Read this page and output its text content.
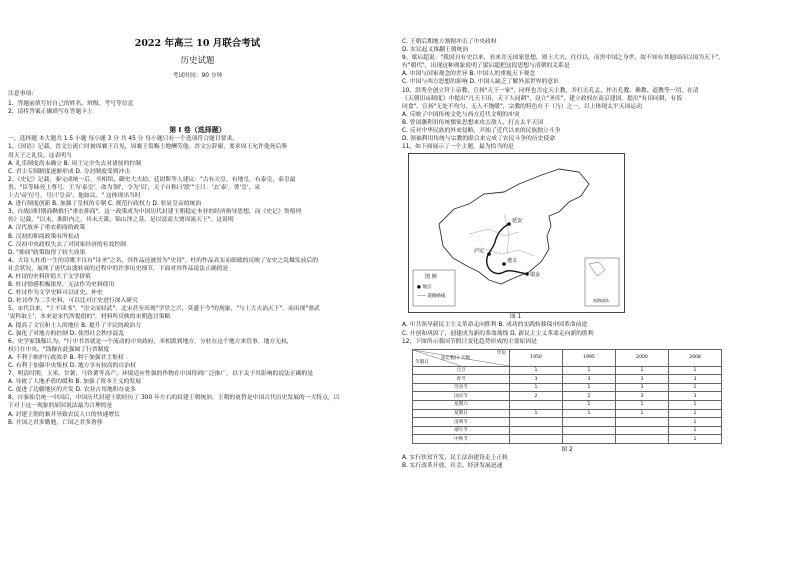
2022 年高三 10 月联合考试
历史试题
考试时间：90 分钟
注意事项：
1、答题前填写好自己的姓名、班级、考号等信息
2、请将答案正确填写在答题卡上
第 I 卷（选择题）
一、选择题 本大题共 1 5 小题 每小题 3 分 共 45 分 每小题只有一个选项符合题目要求。
1、《国语》记载，晋文公流亡时被周襄王召见，周襄王赏赐土地酬劳他。晋文公辞谢，要求周王允许他死后葬
用天子之礼仪。这表明当
A. 礼乐制度尚未确立 B. 周王完全失去对诸侯的控制
C. 君主专制制度逐渐形成 D. 分封制度受到冲击
2、《史记》记载，秦完成统一后，丞相绾、御史大夫劫、廷尉斯等人建议："古有天皇，有地皇，有泰皇，泰皇最
贵。"臣等昧死上尊号，王为'泰皇'，命为'制'，令为'诏'，天子自称曰'朕'"王曰：'去'泰'，著'皇'，采
上古'帝'位号，号曰'皇帝'。他如议。" 这体现出当时
A. 进行制度创新 B. 加强了皇权的专制 C. 规范行政权力 D. 彰显皇帝的统治
3、自战国时期商鞅推行"重农抑商"，这一政策成为中国历代封建王朝稳定本业的经济指导思想，而《史记》货殖列
传》记载，"以末，淮阳内之，其末天篱，锦山泽之基，是以富商大贾周流天下"。这说明
A. 汉代放弃了重农抑商的政策
B. 汉初的抑商政策有所松动
C. 汉初中央政权失去了对国家经济的有效控制
D. "抑商"政策取得了较大成果
4、大诗人杜甫一生的诗歌不仅有"诗圣"之名，其作品还被誉为"史诗"。杜的作品真实而细致的反映了安史之乱爆发前后的
社会状况，展现了唐代由盛转衰的过程中的许多历史细节，下面对其作品说法正确的是
A. 杜诗的史料价值大于文学价值
B. 杜诗情感积极浓厚，无法作为史料使用
C. 杜诗作为文学史料可以证史、补史
D. 杜诗作为二手史料，可以比对正史进行深入研究
5、宋代以来，"士不读书"，"崇文而轻武"，北宋甚至出现"学堂之兴，莫盛于今"的现象，"与士大夫治天下"，而出现"重武
'说科取士'，本来是宋代所提倡的"，材料所反映的宋朝选官策略
A. 提高了文官和士人的地位 B. 提升了平民的政治力
C. 强化了对地方的控制 D. 使得社会秩序混乱
6、史学家钱穆认为，"行中书省就是一个流动的中央政府，率相派到地方，分驻在这个地方来管事，地方无权，
权只在中央。"钱穆在此强调了行省制度
A. 不利于维护行政效率 B. 利于加强君主集权
C. 有利于加强中央集权 D. 地方享有较高的自治权
7、明清时期，玉米、甘薯、马铃薯等高产、环境适应性强的作物在中国得到广泛推广，以下关于其影响的说法正确的是
A. 导致了人地矛盾的缓和 B. 加强了资本主义的发展
C. 促进了边疆地区的开发 D. 农业占用地积存更多
8、自秦始皇统一中国后，中国历代封建王朝经历了 300 年左右的封建王朝统治，王朝的更替是中国古代历史发展的一大特点，以
下对于这一现象的原因说法最为合理的是
A. 封建王朝的兼并导致农民人口的快速增长
B. 开国之君多勤勉，亡国之君多奢侈
C. 王朝后期地方割据冲击了中央政权
D. 农民起义推翻王朝统治
9、梁启超说："我国自有史以来，看来并无国家思想，则士大夫，往往以，而贵中国之身世，故不知有其他国而以国为天下"，
有"朝代"，出现这种现象说明了梁启超把这段思想与清朝的关系是
A. 中国与国家观念的差异 B. 中国人的重视天下观念
C. 中国与西方思想的影响 D. 中国人缺乏了解外部世界的意识
10、洪秀全创立拜上帝教，宣扬"天下一家"，同样也否定天主教，并打击孔孟，抨击孔教、佛教、道教等一切，在清
《天朝田亩制度》中提出"凡天下田，天下人同耕"，设立"圣库"，建立政权在南京建国，提出"有田同耕，有饭
同食"，宣扬"无处不均匀，无人不饱暖"，宗教的特色在于（乃）之一，以上体现太平天国运动
A. 反映了中国传统文化与西方近代文明的冲突
B. 曾国藩利用传统儒家思想来攻击敌人，打击太平天国
C. 反对中华民族的外来侵略，开始了近代以来的民族独立斗争
D. 领袖利用传统与宗教的联合来完成了农民斗争的历史使命
11、如下面展示了一个主题，最为恰当的是
延安
遵义
瑞金
泸定
图 例
● 地点
—— 道路路线
南海诸岛
图 1
A. 中共领导新民主主义革命走向胜利 B. 成功的实践转移保中国革命前途
C. 开创和巩固了，创建成为新的革命战线 D. 新民主主义革命走向新的胜利
12、下图所示我国节假日变化趋势形成的主要原因是
年份
法定假日 天数
节假日	1950	1995	2000	2008
元旦	1	1	1	1
春节	3	3	3	3
劳动节	1	1	3	1
国庆节	2	2	3	3
星期六		1	1	1
星期日	1	1	1	1
清明节				1
端午节				1
中秋节				1
图 2
A. 实行扶贫开发，民主法治建设走上正轨
B. 实行改革开放，社会、经济发展迅速
